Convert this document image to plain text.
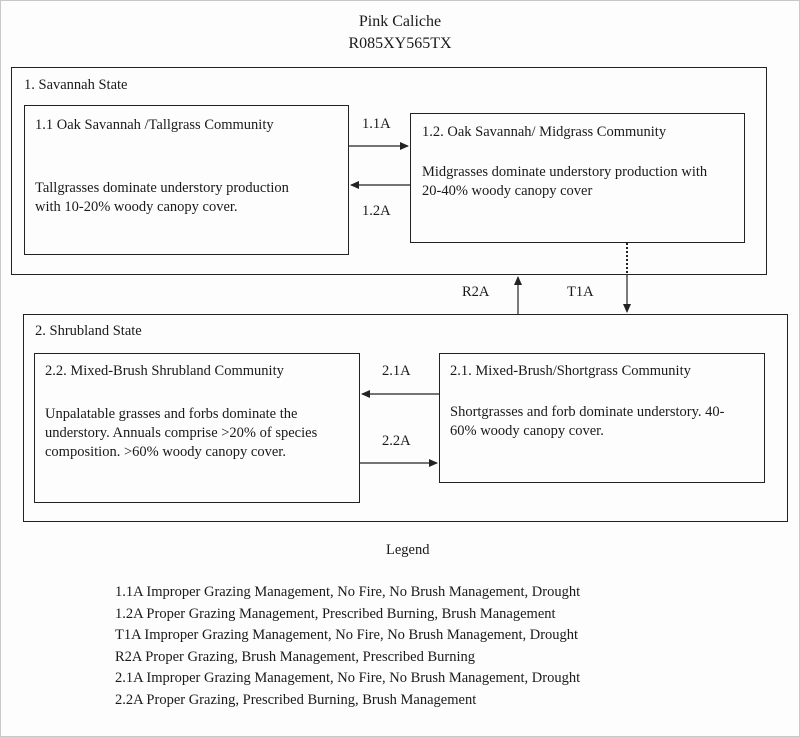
Pink Caliche
R085XY565TX
1. Savannah State
1.1 Oak Savannah /Tallgrass Community
Tallgrasses dominate understory production with 10-20% woody canopy cover.
1.2. Oak Savannah/ Midgrass Community
Midgrasses dominate understory production with 20-40% woody canopy cover
2. Shrubland State
2.2. Mixed-Brush Shrubland Community
Unpalatable grasses and forbs dominate the understory. Annuals comprise >20% of species composition. >60% woody canopy cover.
2.1. Mixed-Brush/Shortgrass Community
Shortgrasses and forb dominate understory. 40-60% woody canopy cover.
1.1A
1.2A
R2A	T1A
2.1A
2.2A
Legend
1.1A Improper Grazing Management, No Fire, No Brush Management, Drought
1.2A Proper Grazing Management, Prescribed Burning, Brush Management
T1A Improper Grazing Management, No Fire, No Brush Management, Drought
R2A Proper Grazing, Brush Management, Prescribed Burning
2.1A Improper Grazing Management, No Fire, No Brush Management, Drought
2.2A Proper Grazing, Prescribed Burning, Brush Management
